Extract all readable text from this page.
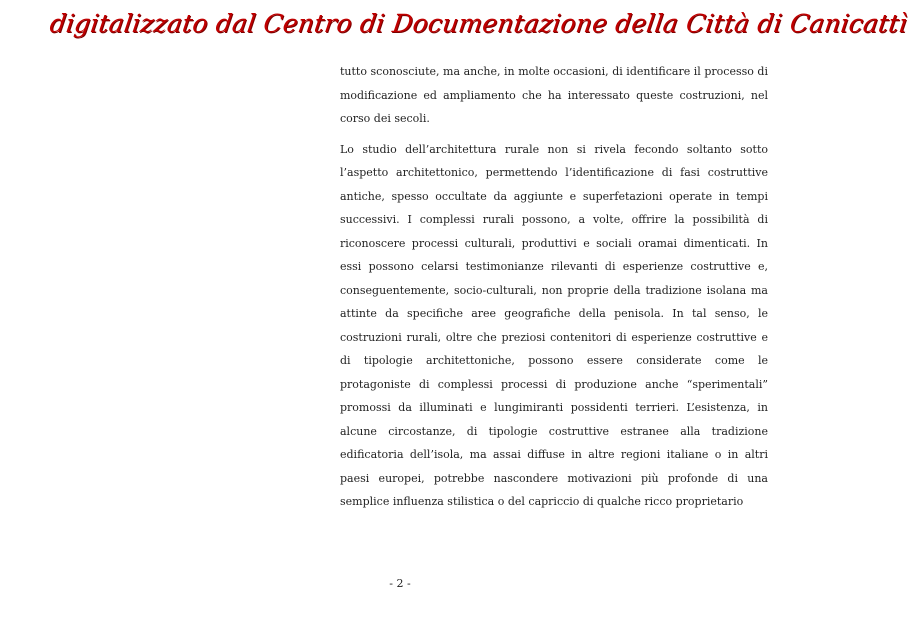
digitalizzato dal Centro di Documentazione della Città di Canicattì

tutto sconosciute, ma anche, in molte occasioni, di identificare il processo di modificazione ed ampliamento che ha interessato queste costruzioni, nel corso dei secoli.

Lo studio dell’architettura rurale non si rivela fecondo soltanto sotto l’aspetto architettonico, permettendo l’identificazione di fasi costruttive antiche, spesso occultate da aggiunte e superfetazioni operate in tempi successivi. I complessi rurali possono, a volte, offrire la possibilità di riconoscere processi culturali, produttivi e sociali oramai dimenticati. In essi possono celarsi testimonianze rilevanti di esperienze costruttive e, conseguentemente, socio-culturali, non proprie della tradizione isolana ma attinte da specifiche aree geografiche della penisola. In tal senso, le costruzioni rurali, oltre che preziosi contenitori di esperienze costruttive e di tipologie architettoniche, possono essere considerate come le protagoniste di complessi processi di produzione anche “sperimentali” promossi da illuminati e lungimiranti possidenti terrieri. L’esistenza, in alcune circostanze, di tipologie costruttive estranee alla tradizione edificatoria dell’isola, ma assai diffuse in altre regioni italiane o in altri paesi europei, potrebbe nascondere motivazioni più profonde di una semplice influenza stilistica o del capriccio di qualche ricco proprietario

- 2 -
